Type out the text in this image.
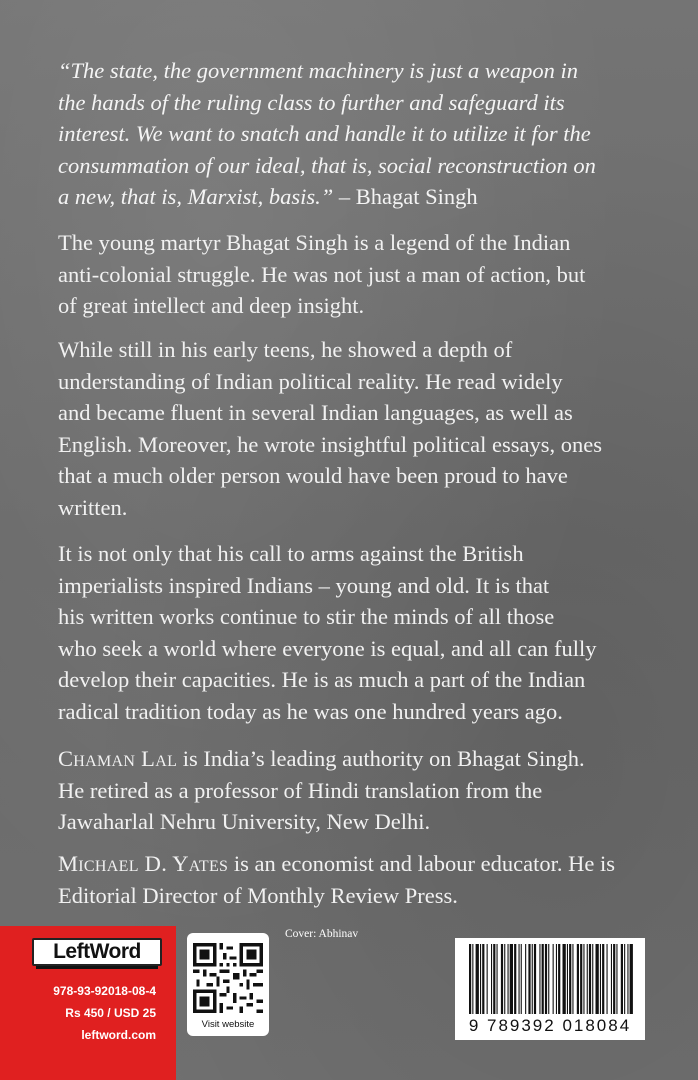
“The state, the government machinery is just a weapon in
the hands of the ruling class to further and safeguard its
interest. We want to snatch and handle it to utilize it for the
consummation of our ideal, that is, social reconstruction on
a new, that is, Marxist, basis.” – Bhagat Singh

The young martyr Bhagat Singh is a legend of the Indian
anti-colonial struggle. He was not just a man of action, but
of great intellect and deep insight.

While still in his early teens, he showed a depth of
understanding of Indian political reality. He read widely
and became fluent in several Indian languages, as well as
English. Moreover, he wrote insightful political essays, ones
that a much older person would have been proud to have
written.

It is not only that his call to arms against the British
imperialists inspired Indians – young and old. It is that
his written works continue to stir the minds of all those
who seek a world where everyone is equal, and all can fully
develop their capacities. He is as much a part of the Indian
radical tradition today as he was one hundred years ago.

Chaman Lal is India’s leading authority on Bhagat Singh.
He retired as a professor of Hindi translation from the
Jawaharlal Nehru University, New Delhi.

Michael D. Yates is an economist and labour educator. He is
Editorial Director of Monthly Review Press.

LeftWord
978-93-92018-08-4
Rs 450 / USD 25
leftword.com
Visit website
Cover: Abhinav
9 789392 018084
